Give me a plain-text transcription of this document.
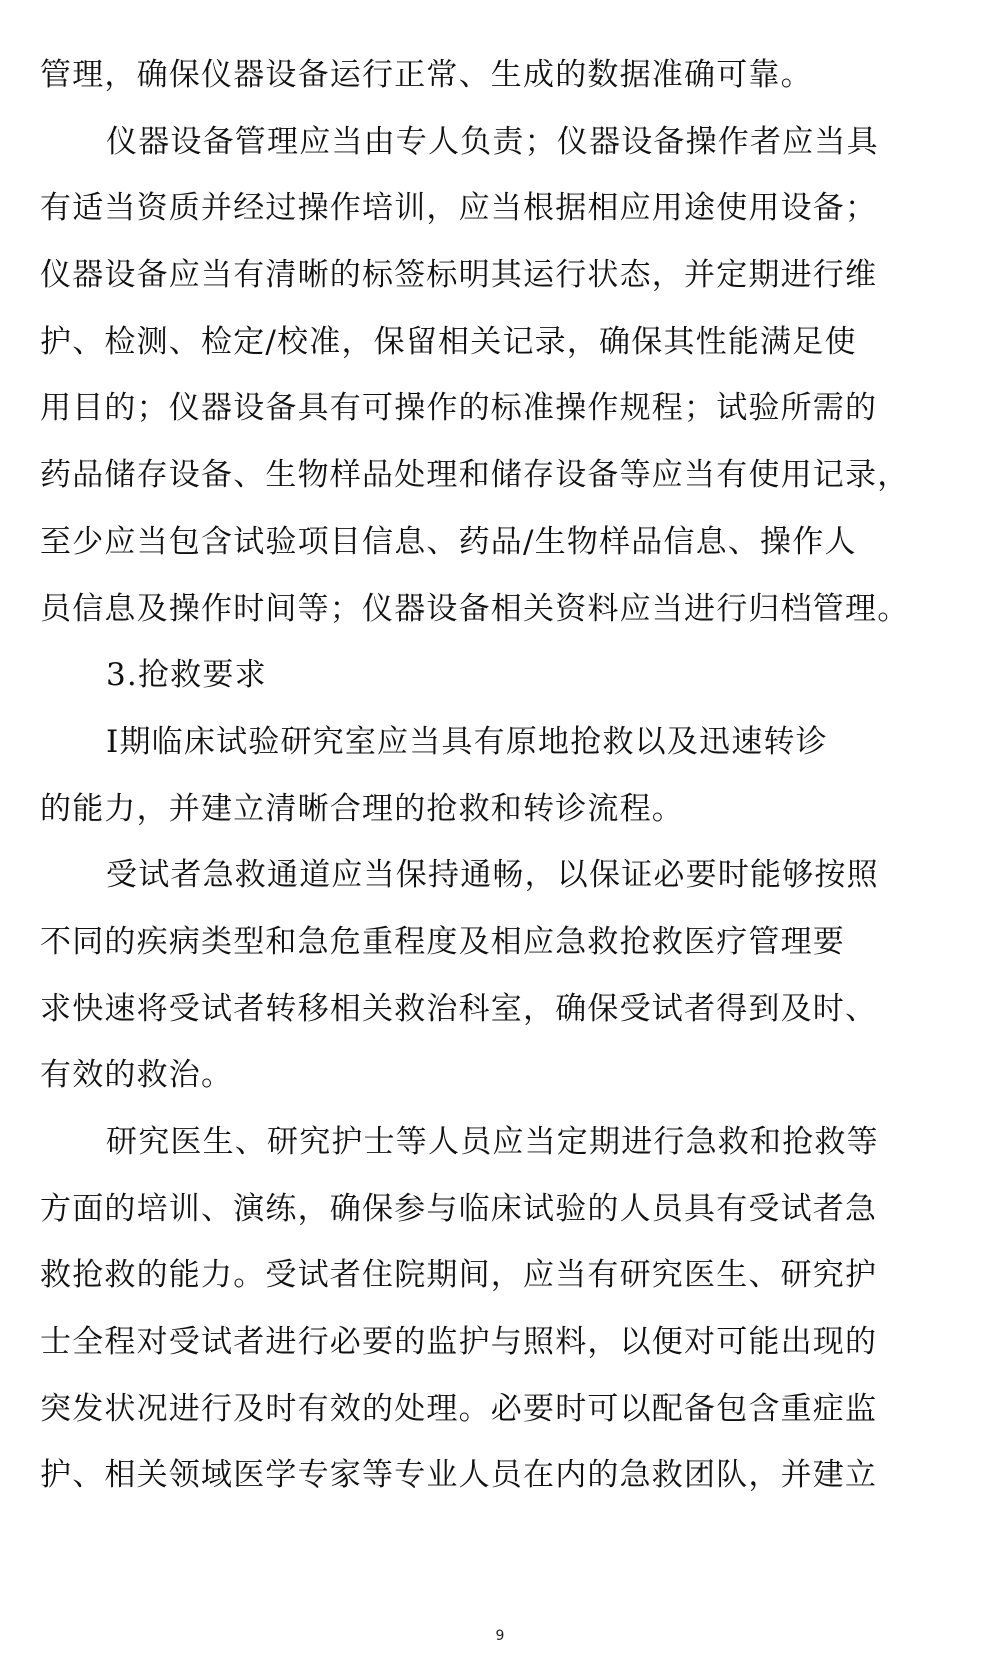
管理，确保仪器设备运行正常、生成的数据准确可靠。
仪器设备管理应当由专人负责；仪器设备操作者应当具
有适当资质并经过操作培训，应当根据相应用途使用设备；
仪器设备应当有清晰的标签标明其运行状态，并定期进行维
护、检测、检定/校准，保留相关记录，确保其性能满足使
用目的；仪器设备具有可操作的标准操作规程；试验所需的
药品储存设备、生物样品处理和储存设备等应当有使用记录，
至少应当包含试验项目信息、药品/生物样品信息、操作人
员信息及操作时间等；仪器设备相关资料应当进行归档管理。
3.抢救要求
Ⅰ期临床试验研究室应当具有原地抢救以及迅速转诊
的能力，并建立清晰合理的抢救和转诊流程。
受试者急救通道应当保持通畅，以保证必要时能够按照
不同的疾病类型和急危重程度及相应急救抢救医疗管理要
求快速将受试者转移相关救治科室，确保受试者得到及时、
有效的救治。
研究医生、研究护士等人员应当定期进行急救和抢救等
方面的培训、演练，确保参与临床试验的人员具有受试者急
救抢救的能力。受试者住院期间，应当有研究医生、研究护
士全程对受试者进行必要的监护与照料，以便对可能出现的
突发状况进行及时有效的处理。必要时可以配备包含重症监
护、相关领域医学专家等专业人员在内的急救团队，并建立
9
